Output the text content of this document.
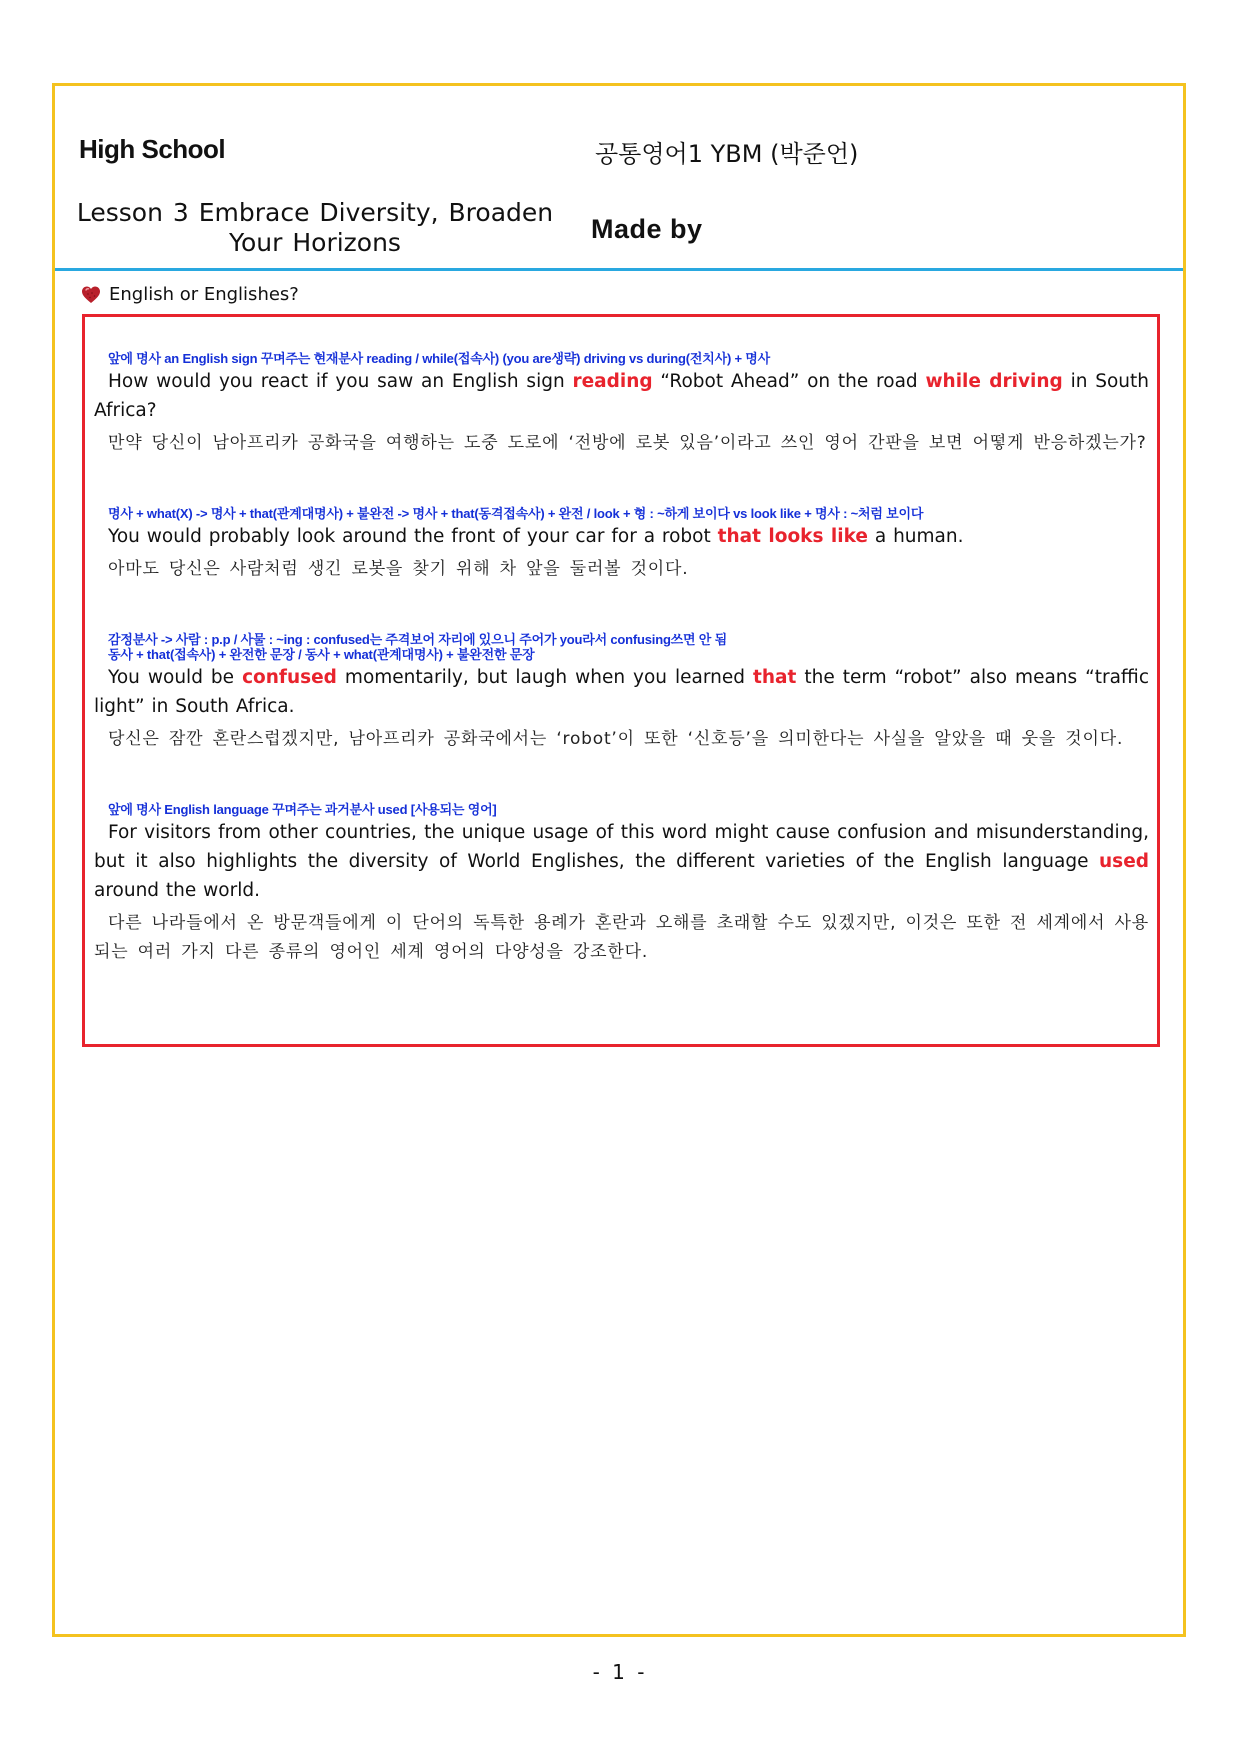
High School	공통영어1 YBM (박준언)
Lesson 3 Embrace Diversity, Broaden
Your Horizons	Made by
English or Englishes?
앞에 명사 an English sign 꾸며주는 현재분사 reading / while(접속사) (you are생략) driving vs during(전치사) + 명사
How would you react if you saw an English sign reading “Robot Ahead” on the road while driving in South Africa?
만약 당신이 남아프리카 공화국을 여행하는 도중 도로에 ‘전방에 로봇 있음’이라고 쓰인 영어 간판을 보면 어떻게 반응하겠는가?
명사 + what(X) -> 명사 + that(관계대명사) + 불완전 -> 명사 + that(동격접속사) + 완전 / look + 형 : ~하게 보이다 vs look like + 명사 : ~처럼 보이다
You would probably look around the front of your car for a robot that looks like a human.
아마도 당신은 사람처럼 생긴 로봇을 찾기 위해 차 앞을 둘러볼 것이다.
감정분사 -> 사람 : p.p / 사물 : ~ing : confused는 주격보어 자리에 있으니 주어가 you라서 confusing쓰면 안 됨
동사 + that(접속사) + 완전한 문장 / 동사 + what(관계대명사) + 불완전한 문장
You would be confused momentarily, but laugh when you learned that the term “robot” also means “traffic light” in South Africa.
당신은 잠깐 혼란스럽겠지만, 남아프리카 공화국에서는 ‘robot’이 또한 ‘신호등’을 의미한다는 사실을 알았을 때 웃을 것이다.
앞에 명사 English language 꾸며주는 과거분사 used [사용되는 영어]
For visitors from other countries, the unique usage of this word might cause confusion and misunderstanding, but it also highlights the diversity of World Englishes, the different varieties of the English language used around the world.
다른 나라들에서 온 방문객들에게 이 단어의 독특한 용례가 혼란과 오해를 초래할 수도 있겠지만, 이것은 또한 전 세계에서 사용되는 여러 가지 다른 종류의 영어인 세계 영어의 다양성을 강조한다.
- 1 -
